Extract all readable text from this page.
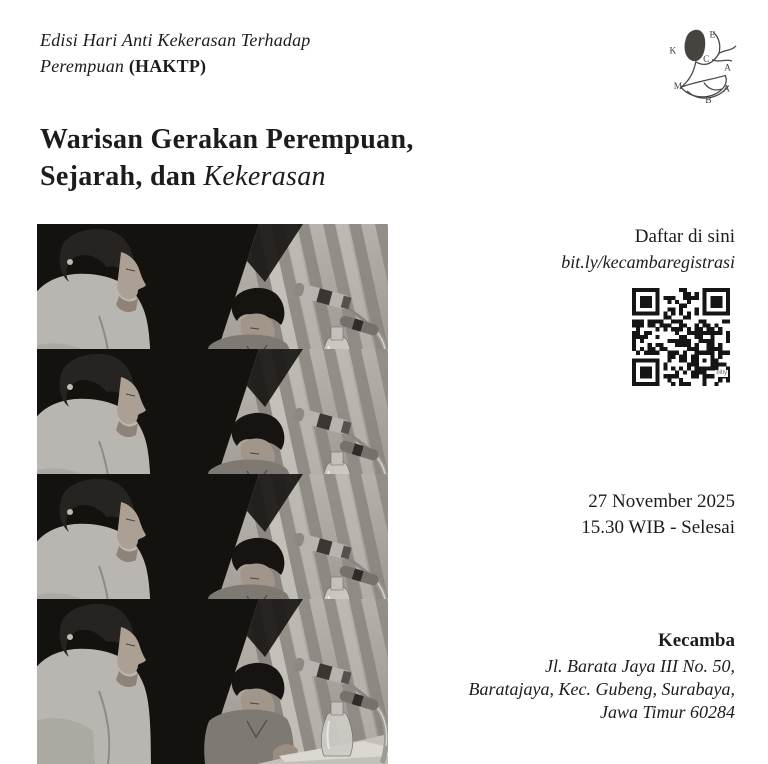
Edisi Hari Anti Kekerasan Terhadap
Perempuan (HAKTP)
K
E
C
A
M
B
A
Warisan Gerakan Perempuan,
Sejarah, dan Kekerasan
Daftar di sini
bit.ly/kecambaregistrasi
bitly
27 November 2025
15.30 WIB - Selesai
Kecamba
Jl. Barata Jaya III No. 50,
Baratajaya, Kec. Gubeng, Surabaya,
Jawa Timur 60284
